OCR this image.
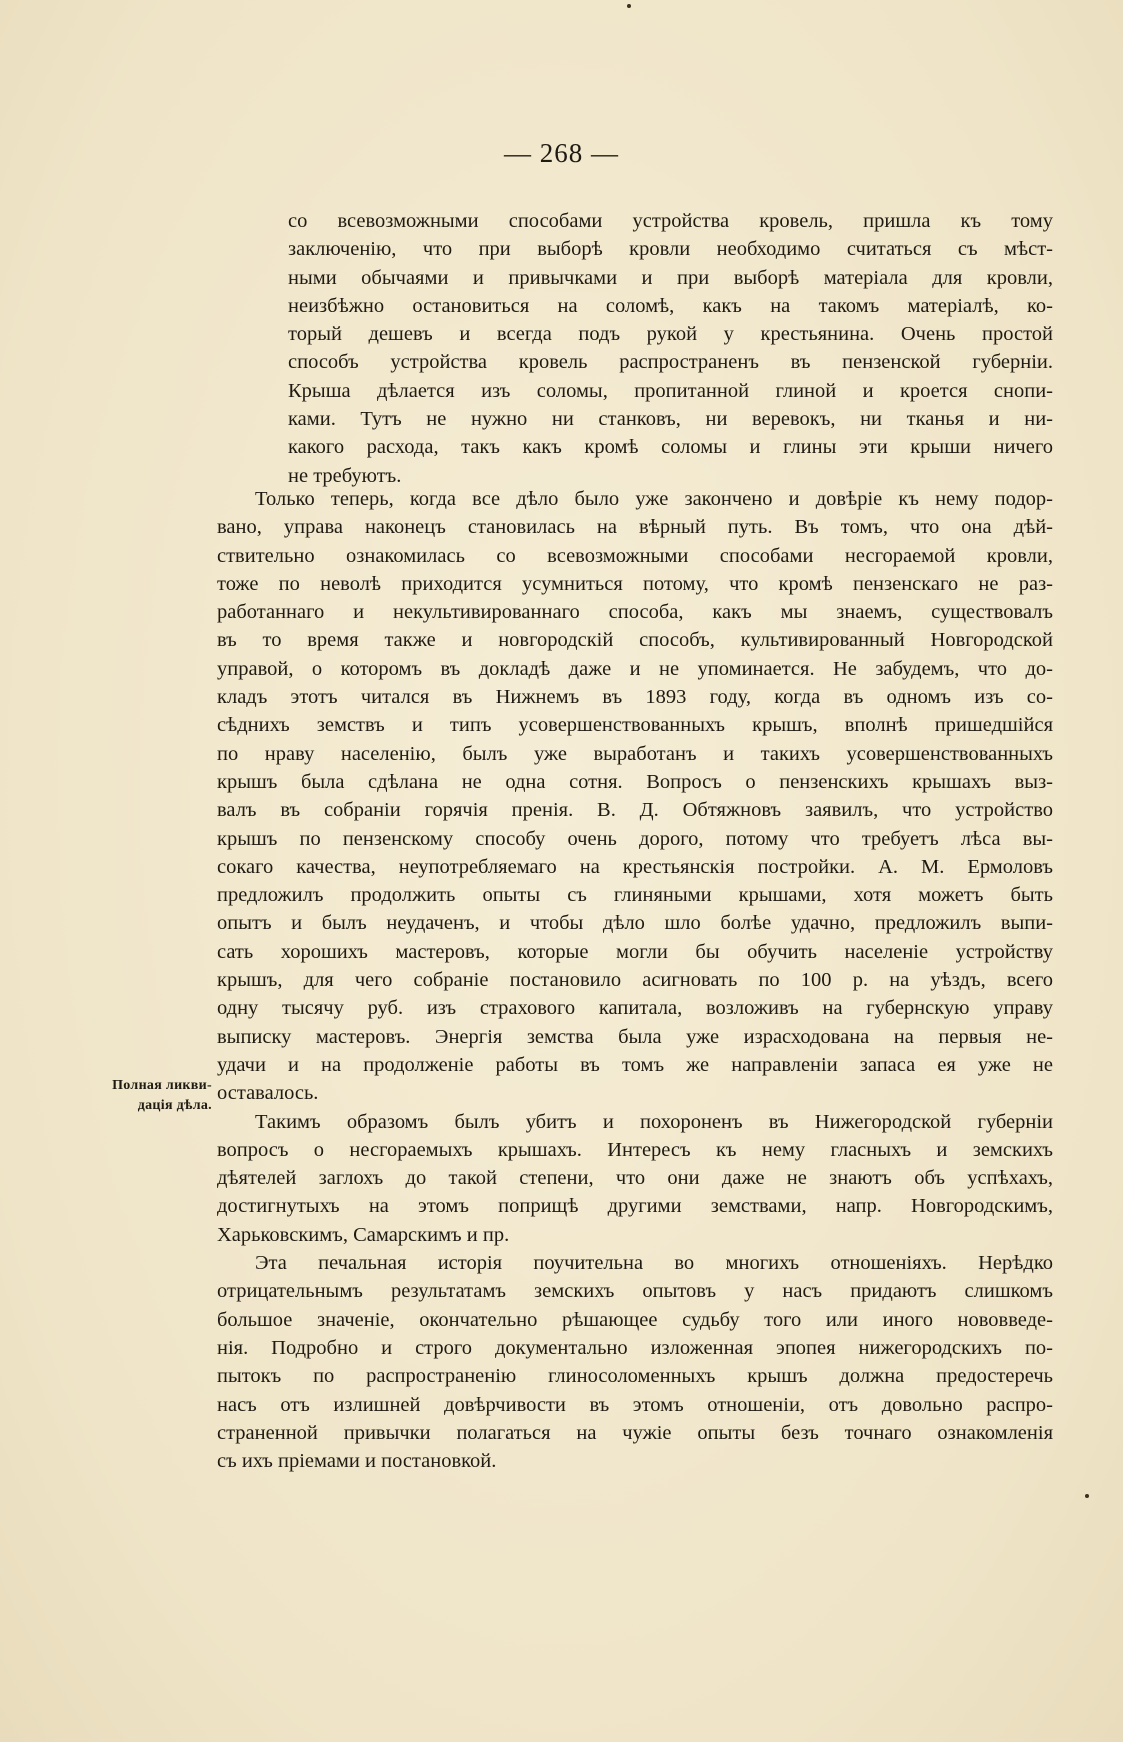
— 268 —
со всевозможными способами устройства кровель, пришла къ тому
заключенію, что при выборѣ кровли необходимо считаться съ мѣст-
ными обычаями и привычками и при выборѣ матеріала для кровли,
неизбѣжно остановиться на соломѣ, какъ на такомъ матеріалѣ, ко-
торый дешевъ и всегда подъ рукой у крестьянина. Очень простой
способъ устройства кровель распространенъ въ пензенской губерніи.
Крыша дѣлается изъ соломы, пропитанной глиной и кроется снопи-
ками. Тутъ не нужно ни станковъ, ни веревокъ, ни тканья и ни-
какого расхода, такъ какъ кромѣ соломы и глины эти крыши ничего
не требуютъ.
Только теперь, когда все дѣло было уже закончено и довѣріе къ нему подор-
вано, управа наконецъ становилась на вѣрный путь. Въ томъ, что она дѣй-
ствительно ознакомилась со всевозможными способами несгораемой кровли,
тоже по неволѣ приходится усумниться потому, что кромѣ пензенскаго не раз-
работаннаго и некультивированнаго способа, какъ мы знаемъ, существовалъ
въ то время также и новгородскій способъ, культивированный Новгородской
управой, о которомъ въ докладѣ даже и не упоминается. Не забудемъ, что до-
кладъ этотъ читался въ Нижнемъ въ 1893 году, когда въ одномъ изъ со-
сѣднихъ земствъ и типъ усовершенствованныхъ крышъ, вполнѣ пришедшійся
по нраву населенію, былъ уже выработанъ и такихъ усовершенствованныхъ
крышъ была сдѣлана не одна сотня. Вопросъ о пензенскихъ крышахъ выз-
валъ въ собраніи горячія пренія. В. Д. Обтяжновъ заявилъ, что устройство
крышъ по пензенскому способу очень дорого, потому что требуетъ лѣса вы-
сокаго качества, неупотребляемаго на крестьянскія постройки. А. М. Ермоловъ
предложилъ продолжить опыты съ глиняными крышами, хотя можетъ быть
опытъ и былъ неудаченъ, и чтобы дѣло шло болѣе удачно, предложилъ выпи-
сать хорошихъ мастеровъ, которые могли бы обучить населеніе устройству
крышъ, для чего собраніе постановило асигновать по 100 р. на уѣздъ, всего
одну тысячу руб. изъ страхового капитала, возложивъ на губернскую управу
выписку мастеровъ. Энергія земства была уже израсходована на первыя не-
удачи и на продолженіе работы въ томъ же направленіи запаса ея уже не
оставалось.
Такимъ образомъ былъ убитъ и похороненъ въ Нижегородской губерніи
вопросъ о несгораемыхъ крышахъ. Интересъ къ нему гласныхъ и земскихъ
дѣятелей заглохъ до такой степени, что они даже не знаютъ объ успѣхахъ,
достигнутыхъ на этомъ поприщѣ другими земствами, напр. Новгородскимъ,
Харьковскимъ, Самарскимъ и пр.
Эта печальная исторія поучительна во многихъ отношеніяхъ. Нерѣдко
отрицательнымъ результатамъ земскихъ опытовъ у насъ придаютъ слишкомъ
большое значеніе, окончательно рѣшающее судьбу того или иного нововведе-
нія. Подробно и строго документально изложенная эпопея нижегородскихъ по-
пытокъ по распространенію глиносоломенныхъ крышъ должна предостеречь
насъ отъ излишней довѣрчивости въ этомъ отношеніи, отъ довольно распро-
страненной привычки полагаться на чужіе опыты безъ точнаго ознакомленія
съ ихъ пріемами и постановкой.
Полная ликви-
дація дѣла.
